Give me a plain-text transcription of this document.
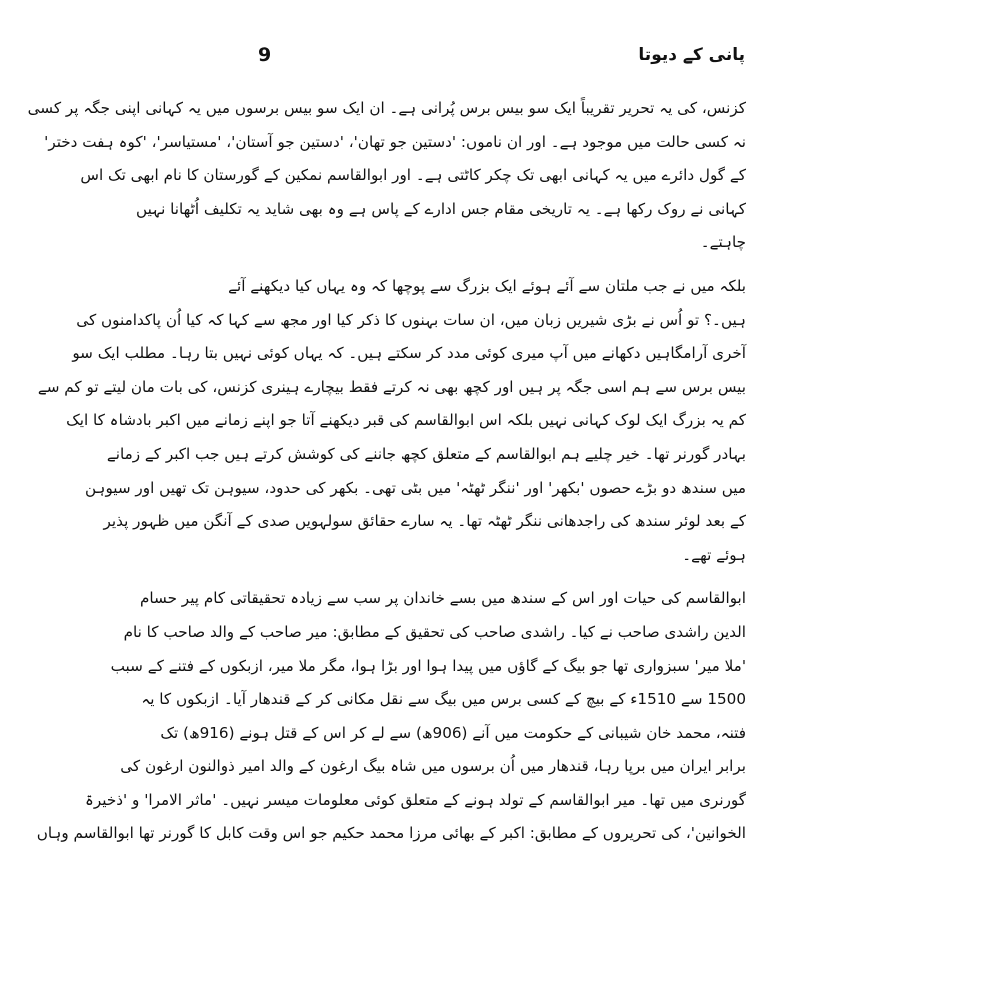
9	پانی کے دیوتا
کزنس، کی یہ تحریر تقریباً ایک سو بیس برس پُرانی ہے۔ ان ایک سو بیس برسوں میں یہ کہانی اپنی جگہ پر کسی
نہ کسی حالت میں موجود ہے۔ اور ان ناموں: 'دستین جو تھان'، 'دستین جو آستان'، 'مستیاسر'، 'کوہ ہفت دختر'
کے گول دائرے میں یہ کہانی ابھی تک چکر کاٹتی ہے۔ اور ابوالقاسم نمکین کے گورستان کا نام ابھی تک اس
کہانی نے روک رکھا ہے۔ یہ تاریخی مقام جس ادارے کے پاس ہے وہ بھی شاید یہ تکلیف اُٹھانا نہیں
چاہتے۔
بلکہ میں نے جب ملتان سے آئے ہوئے ایک بزرگ سے پوچھا کہ وہ یہاں کیا دیکھنے آئے
ہیں۔؟ تو اُس نے بڑی شیریں زبان میں، ان سات بہنوں کا ذکر کیا اور مجھ سے کہا کہ کیا اُن پاکدامنوں کی
آخری آرامگاہیں دکھانے میں آپ میری کوئی مدد کر سکتے ہیں۔ کہ یہاں کوئی نہیں بتا رہا۔ مطلب ایک سو
بیس برس سے ہم اسی جگہ پر ہیں اور کچھ بھی نہ کرتے فقط بیچارے ہینری کزنس، کی بات مان لیتے تو کم سے
کم یہ بزرگ ایک لوک کہانی نہیں بلکہ اس ابوالقاسم کی قبر دیکھنے آتا جو اپنے زمانے میں اکبر بادشاہ کا ایک
بہادر گورنر تھا۔ خیر چلیے ہم ابوالقاسم کے متعلق کچھ جاننے کی کوشش کرتے ہیں جب اکبر کے زمانے
میں سندھ دو بڑے حصوں 'بکھر' اور 'ننگر ٹھٹہ' میں بٹی تھی۔ بکھر کی حدود، سیوہن تک تھیں اور سیوہن
کے بعد لوئر سندھ کی راجدھانی ننگر ٹھٹہ تھا۔ یہ سارے حقائق سولہویں صدی کے آنگن میں ظہور پذیر
ہوئے تھے۔
ابوالقاسم کی حیات اور اس کے سندھ میں بسے خاندان پر سب سے زیادہ تحقیقاتی کام پیر حسام
الدین راشدی صاحب نے کیا۔ راشدی صاحب کی تحقیق کے مطابق: میر صاحب کے والد صاحب کا نام
'ملا میر' سبزواری تھا جو بیگ کے گاؤں میں پیدا ہوا اور بڑا ہوا، مگر ملا میر، ازبکوں کے فتنے کے سبب
1500 سے 1510ء کے بیچ کے کسی برس میں بیگ سے نقل مکانی کر کے قندھار آیا۔ ازبکوں کا یہ
فتنہ، محمد خان شیبانی کے حکومت میں آنے (906ھ) سے لے کر اس کے قتل ہونے (916ھ) تک
برابر ایران میں برپا رہا، قندھار میں اُن برسوں میں شاہ بیگ ارغون کے والد امیر ذوالنون ارغون کی
گورنری میں تھا۔ میر ابوالقاسم کے تولد ہونے کے متعلق کوئی معلومات میسر نہیں۔ 'ماثر الامرا' و 'ذخیرۃ
الخوانین'، کی تحریروں کے مطابق: اکبر کے بھائی مرزا محمد حکیم جو اس وقت کابل کا گورنر تھا ابوالقاسم وہاں
